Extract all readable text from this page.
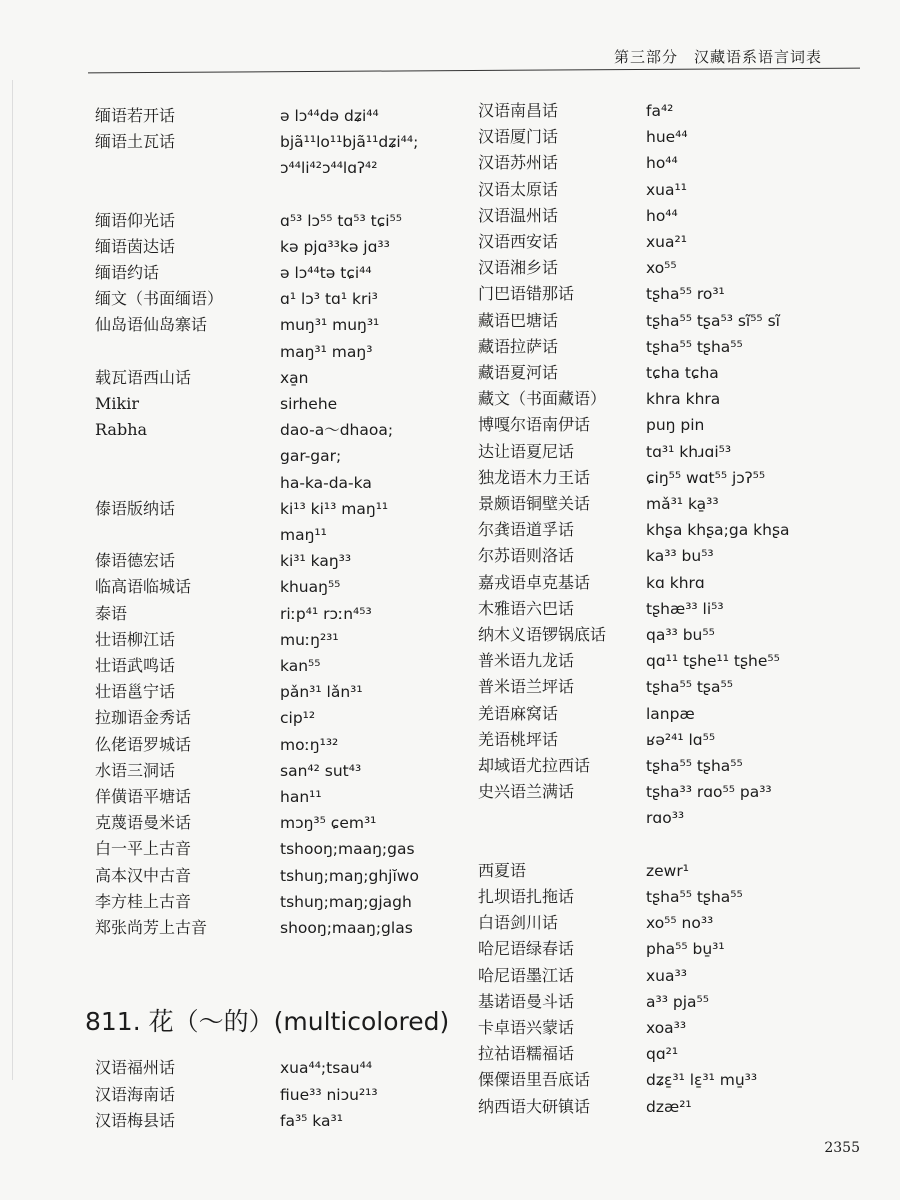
第三部分　汉藏语系语言词表
缅语若开话	ə lɔ⁴⁴də dʑi⁴⁴
缅语土瓦话	bjã¹¹lo¹¹bjã¹¹dʑi⁴⁴;
ɔ⁴⁴li⁴²ɔ⁴⁴lɑʔ⁴²
缅语仰光话	ɑ⁵³ lɔ⁵⁵ tɑ⁵³ tɕi⁵⁵
缅语茵达话	kə pjɑ³³kə jɑ³³
缅语约话	ə lɔ⁴⁴tə tɕi⁴⁴
缅文（书面缅语）	ɑ¹ lɔ³ tɑ¹ kri³
仙岛语仙岛寨话	muŋ³¹ muŋ³¹
maŋ³¹ maŋ³
载瓦语西山话	xa̱n
Mikir	sirhehe
Rabha	dao-a～dhaoa;
gar-gar;
ha-ka-da-ka
傣语版纳话	ki¹³ ki¹³ maŋ¹¹
maŋ¹¹
傣语德宏话	ki³¹ kaŋ³³
临高语临城话	khuaŋ⁵⁵
泰语	riːp⁴¹ rɔːn⁴⁵³
壮语柳江话	muːŋ²³¹
壮语武鸣话	kan⁵⁵
壮语邕宁话	pǎn³¹ lǎn³¹
拉珈语金秀话	cip¹²
仫佬语罗城话	moːŋ¹³²
水语三洞话	san⁴² sut⁴³
佯僙语平塘话	han¹¹
克蔑语曼米话	mɔŋ³⁵ ɕem³¹
白一平上古音	tshooŋ;maaŋ;gas
高本汉中古音	tshuŋ;maŋ;ghjĭwo
李方桂上古音	tshuŋ;maŋ;gjagh
郑张尚芳上古音	shooŋ;maaŋ;glas
811. 花（～的）(multicolored)
汉语福州话	xua⁴⁴;tsau⁴⁴
汉语海南话	fiue³³ niɔu²¹³
汉语梅县话	fa³⁵ ka³¹
汉语南昌话	fa⁴²
汉语厦门话	hue⁴⁴
汉语苏州话	ho⁴⁴
汉语太原话	xua¹¹
汉语温州话	ho⁴⁴
汉语西安话	xua²¹
汉语湘乡话	xo⁵⁵
门巴语错那话	tʂha⁵⁵ ro³¹
藏语巴塘话	tʂha⁵⁵ tʂa⁵³ sĩ⁵⁵ sĩ
藏语拉萨话	tʂha⁵⁵ tʂha⁵⁵
藏语夏河话	tɕha tɕha
藏文（书面藏语）	khra khra
博嘎尔语南伊话	puŋ pin
达让语夏尼话	tɑ³¹ khɹɑi⁵³
独龙语木力王话	ɕiŋ⁵⁵ wɑt⁵⁵ jɔʔ⁵⁵
景颇语铜壁关话	mǎ³¹ ka̱³³
尔龚语道孚话	khʂa khʂa;ga khʂa
尔苏语则洛话	ka³³ bu⁵³
嘉戎语卓克基话	kɑ khrɑ
木雅语六巴话	tʂhæ³³ li⁵³
纳木义语锣锅底话	qa³³ bu⁵⁵
普米语九龙话	qɑ¹¹ tʂhe¹¹ tʂhe⁵⁵
普米语兰坪话	tʂha⁵⁵ tʂa⁵⁵
羌语麻窝话	lanpæ
羌语桃坪话	ʁə²⁴¹ lɑ⁵⁵
却域语尤拉西话	tʂha⁵⁵ tʂha⁵⁵
史兴语兰满话	tʂha³³ rɑo⁵⁵ pa³³
rɑo³³
西夏语	zewr¹
扎坝语扎拖话	tʂha⁵⁵ tʂha⁵⁵
白语剑川话	xo⁵⁵ no³³
哈尼语绿春话	pha⁵⁵ bu̱³¹
哈尼语墨江话	xua³³
基诺语曼斗话	a³³ pja⁵⁵
卡卓语兴蒙话	xoa³³
拉祜语糯福话	qɑ²¹
傈僳语里吾底话	dʑɛ̱³¹ lɛ̱³¹ mu̱³³
纳西语大研镇话	dzæ²¹
2355
